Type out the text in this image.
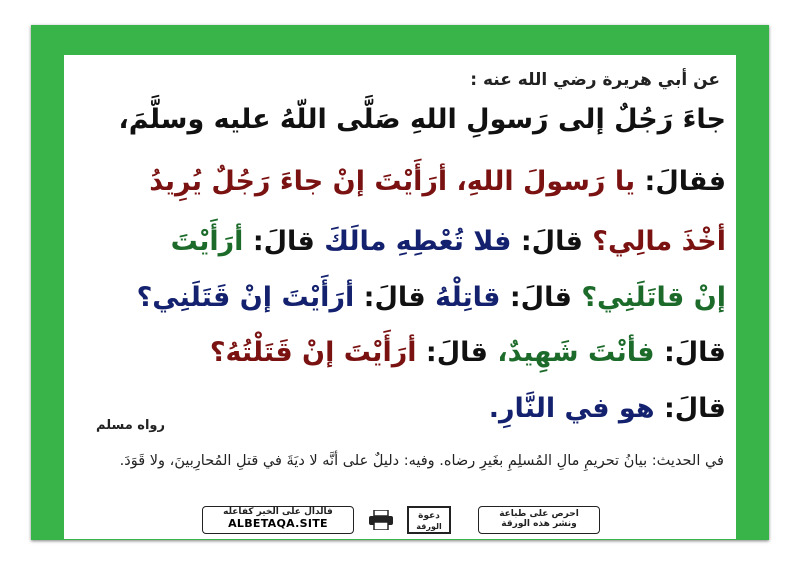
عن أبي هريرة رضي الله عنه :
جاءَ رَجُلٌ إلى رَسولِ اللهِ صَلَّى اللّهُ عليه وسلَّمَ،
فقالَ: يا رَسولَ اللهِ، أرَأَيْتَ إنْ جاءَ رَجُلٌ يُرِيدُ
أخْذَ مالِي؟ قالَ: فلا تُعْطِهِ مالَكَ قالَ: أرَأَيْتَ
إنْ قاتَلَنِي؟ قالَ: قاتِلْهُ قالَ: أرَأَيْتَ إنْ قَتَلَنِي؟
قالَ: فأنْتَ شَهِيدٌ، قالَ: أرَأَيْتَ إنْ قَتَلْتُهُ؟
قالَ: هو في النَّارِ.
رواه مسلم
في الحديث: بيانُ تحريمِ مالِ المُسلِمِ بغَيرِ رضاه. وفيه: دليلٌ على أنَّه لا ديَةَ في قتلِ المُحارِبينَ، ولا قَوَدَ.
فالدال على الخير كفاعله
ALBETAQA.SITE
دعوة
الورقة
احرص على طباعة
ونشر هذه الورقة
